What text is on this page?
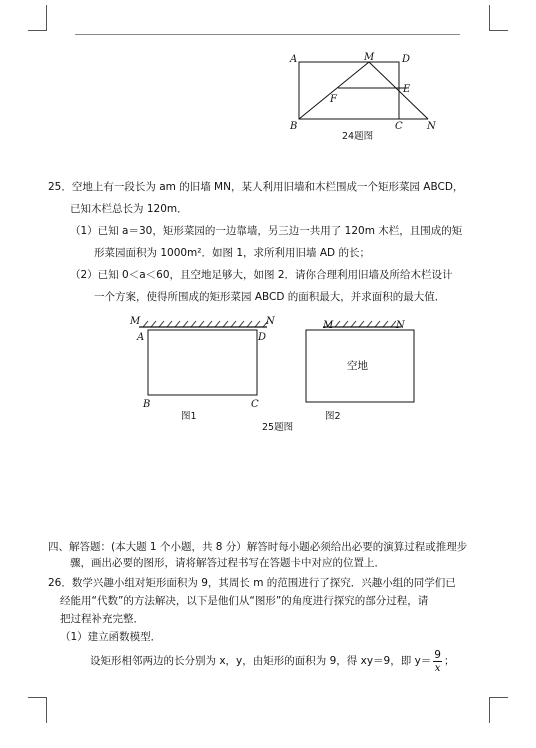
A	M	D
E
F
B	C N
24题图
25．空地上有一段长为 am 的旧墙 MN，某人利用旧墙和木栏围成一个矩形菜园 ABCD，
已知木栏总长为 120m．
（1）已知 a＝30，矩形菜园的一边靠墙，另三边一共用了 120m 木栏，且围成的矩
形菜园面积为 1000m²．如图 1，求所利用旧墙 AD 的长；
（2）已知 0＜a＜60，且空地足够大，如图 2．请你合理利用旧墙及所给木栏设计
一个方案，使得所围成的矩形菜园 ABCD 的面积最大，并求面积的最大值．
M	N
A	D
B	C
图1
M	N
空地
图2
25题图
四、解答题：(本大题 1 个小题，共 8 分）解答时每小题必须给出必要的演算过程或推理步
骤，画出必要的图形，请将解答过程书写在答题卡中对应的位置上．
26．数学兴趣小组对矩形面积为 9，其周长 m 的范围进行了探究．兴趣小组的同学们已
经能用“代数”的方法解决，以下是他们从“图形”的角度进行探究的部分过程，请
把过程补充完整．
（1）建立函数模型．
设矩形相邻两边的长分别为 x，y，由矩形的面积为 9，得 xy＝9，即 $y= \frac{9}{x}$ ；
